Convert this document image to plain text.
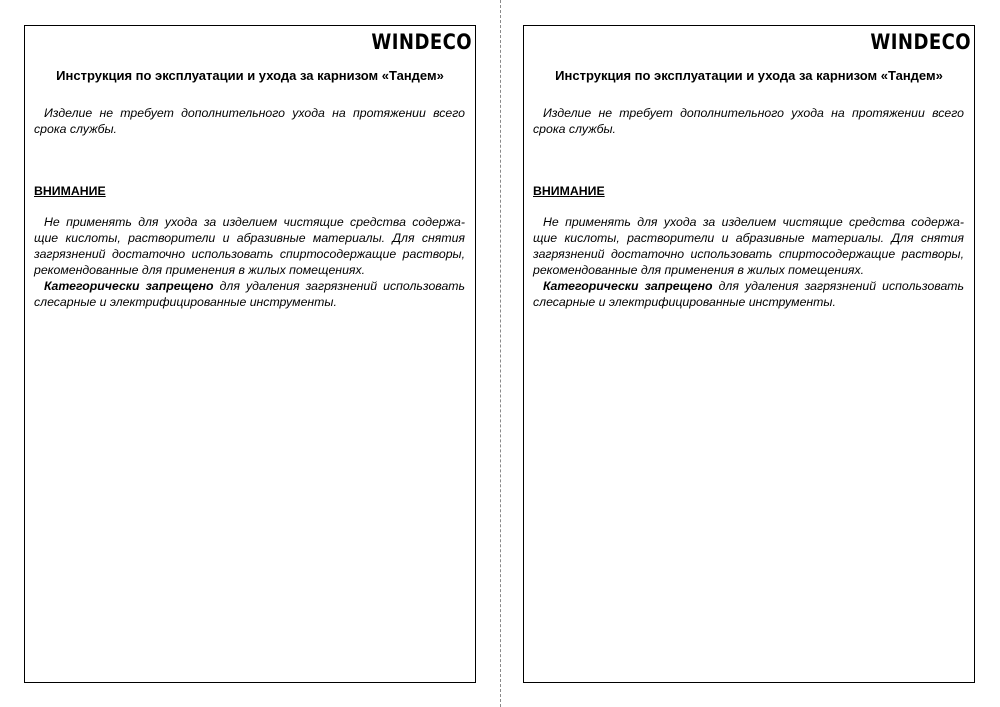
WINDECO
Инструкция по эксплуатации и ухода за карнизом «Тандем»

Изделие не требует дополнительного ухода на протяжении всего срока службы.

ВНИМАНИЕ

Не применять для ухода за изделием чистящие средства содержа-щие кислоты, растворители и абразивные материалы. Для снятия загрязнений достаточно использовать спиртосодержащие растворы, рекомендованные для применения в жилых помещениях.

Категорически запрещено для удаления загрязнений использовать слесарные и электрифицированные инструменты.

WINDECO
Инструкция по эксплуатации и ухода за карнизом «Тандем»

Изделие не требует дополнительного ухода на протяжении всего срока службы.

ВНИМАНИЕ

Не применять для ухода за изделием чистящие средства содержа-щие кислоты, растворители и абразивные материалы. Для снятия загрязнений достаточно использовать спиртосодержащие растворы, рекомендованные для применения в жилых помещениях.

Категорически запрещено для удаления загрязнений использовать слесарные и электрифицированные инструменты.
